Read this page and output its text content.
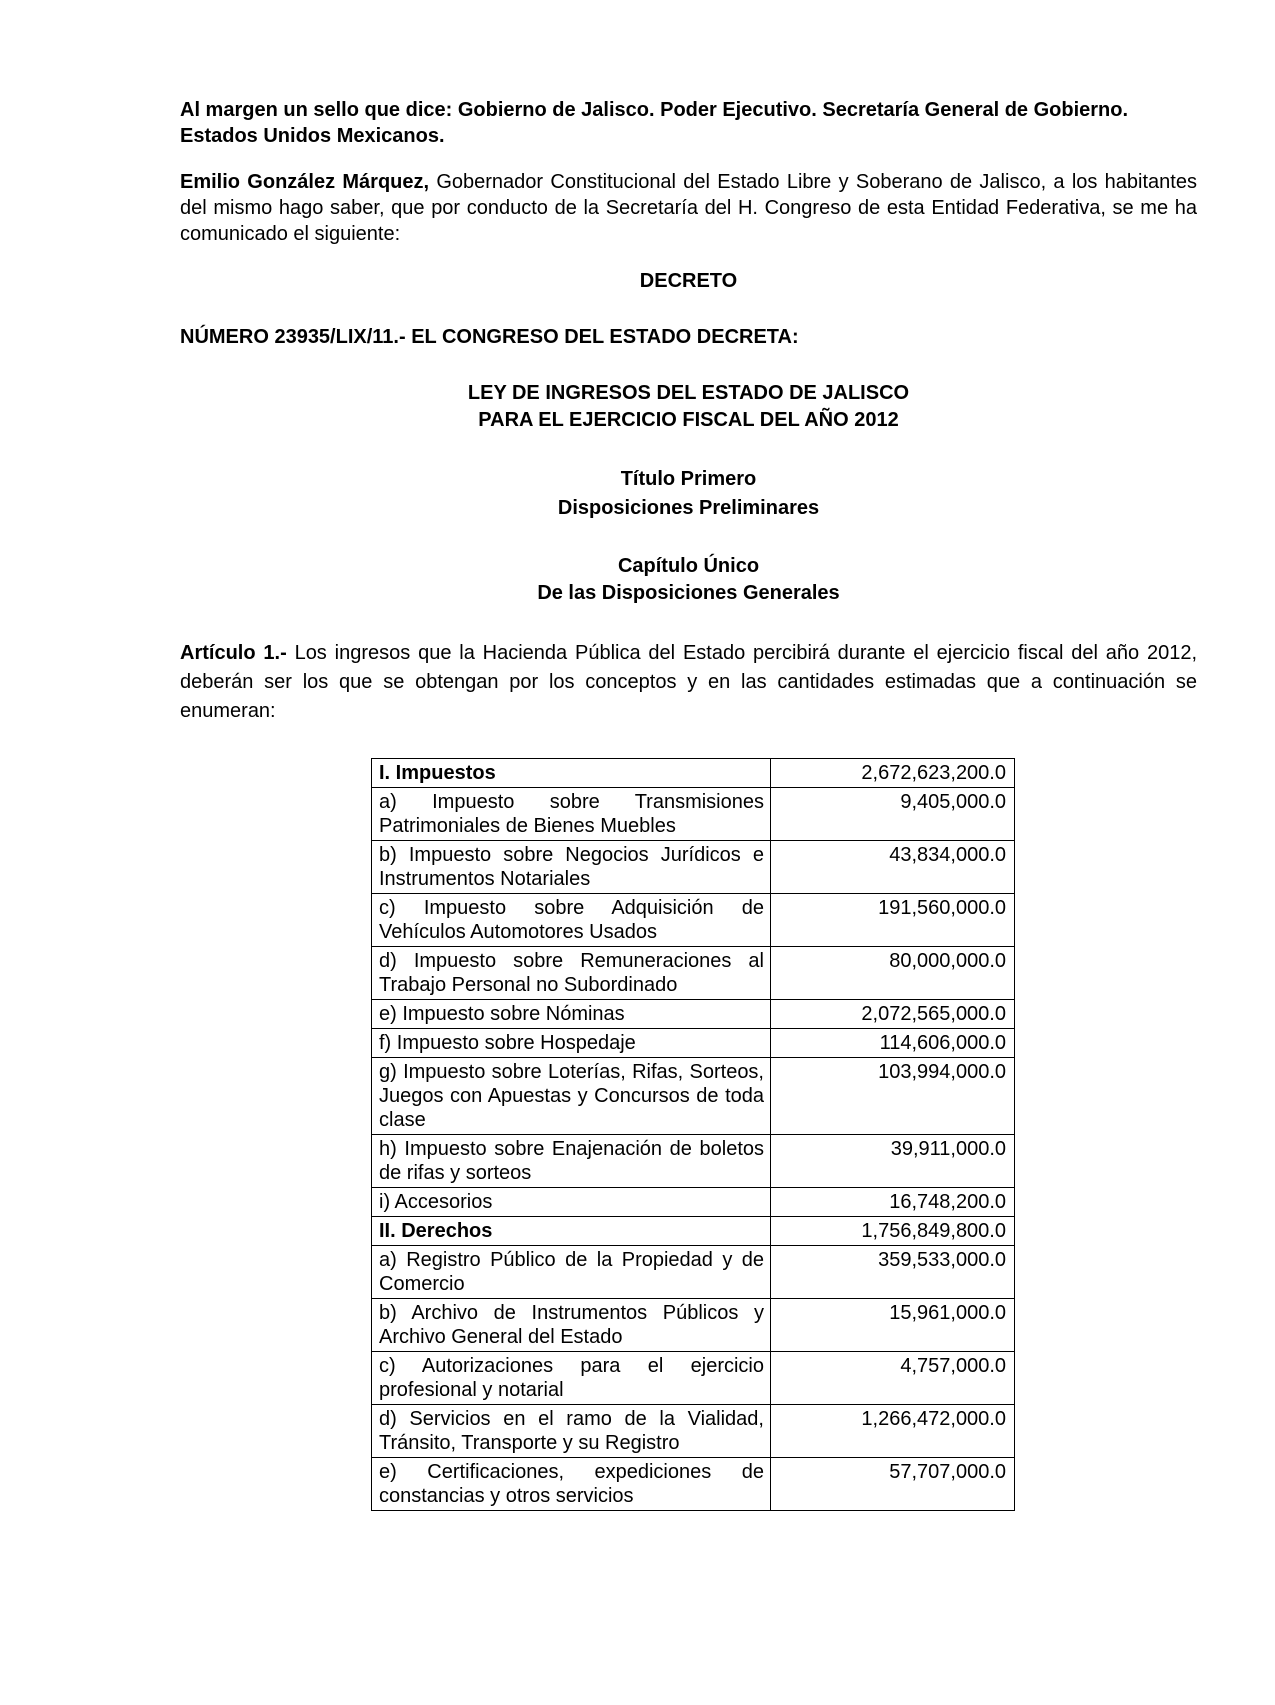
Al margen un sello que dice: Gobierno de Jalisco. Poder Ejecutivo. Secretaría General de Gobierno. Estados Unidos Mexicanos.

Emilio González Márquez, Gobernador Constitucional del Estado Libre y Soberano de Jalisco, a los habitantes del mismo hago saber, que por conducto de la Secretaría del H. Congreso de esta Entidad Federativa, se me ha comunicado el siguiente:

DECRETO

NÚMERO 23935/LIX/11.- EL CONGRESO DEL ESTADO DECRETA:

LEY DE INGRESOS DEL ESTADO DE JALISCO

PARA EL EJERCICIO FISCAL DEL AÑO 2012

Título Primero

Disposiciones Preliminares

Capítulo Único

De las Disposiciones Generales

Artículo 1.- Los ingresos que la Hacienda Pública del Estado percibirá durante el ejercicio fiscal del año 2012, deberán ser los que se obtengan por los conceptos y en las cantidades estimadas que a continuación se enumeran:

I. Impuestos	2,672,623,200.0
a) Impuesto sobre Transmisiones Patrimoniales de Bienes Muebles	9,405,000.0
b) Impuesto sobre Negocios Jurídicos e Instrumentos Notariales	43,834,000.0
c) Impuesto sobre Adquisición de Vehículos Automotores Usados	191,560,000.0
d) Impuesto sobre Remuneraciones al Trabajo Personal no Subordinado	80,000,000.0
e) Impuesto sobre Nóminas	2,072,565,000.0
f) Impuesto sobre Hospedaje	114,606,000.0
g) Impuesto sobre Loterías, Rifas, Sorteos, Juegos con Apuestas y Concursos de toda clase	103,994,000.0
h) Impuesto sobre Enajenación de boletos de rifas y sorteos	39,911,000.0
i) Accesorios	16,748,200.0
II. Derechos	1,756,849,800.0
a) Registro Público de la Propiedad y de Comercio	359,533,000.0
b) Archivo de Instrumentos Públicos y Archivo General del Estado	15,961,000.0
c) Autorizaciones para el ejercicio profesional y notarial	4,757,000.0
d) Servicios en el ramo de la Vialidad, Tránsito, Transporte y su Registro	1,266,472,000.0
e) Certificaciones, expediciones de constancias y otros servicios	57,707,000.0
